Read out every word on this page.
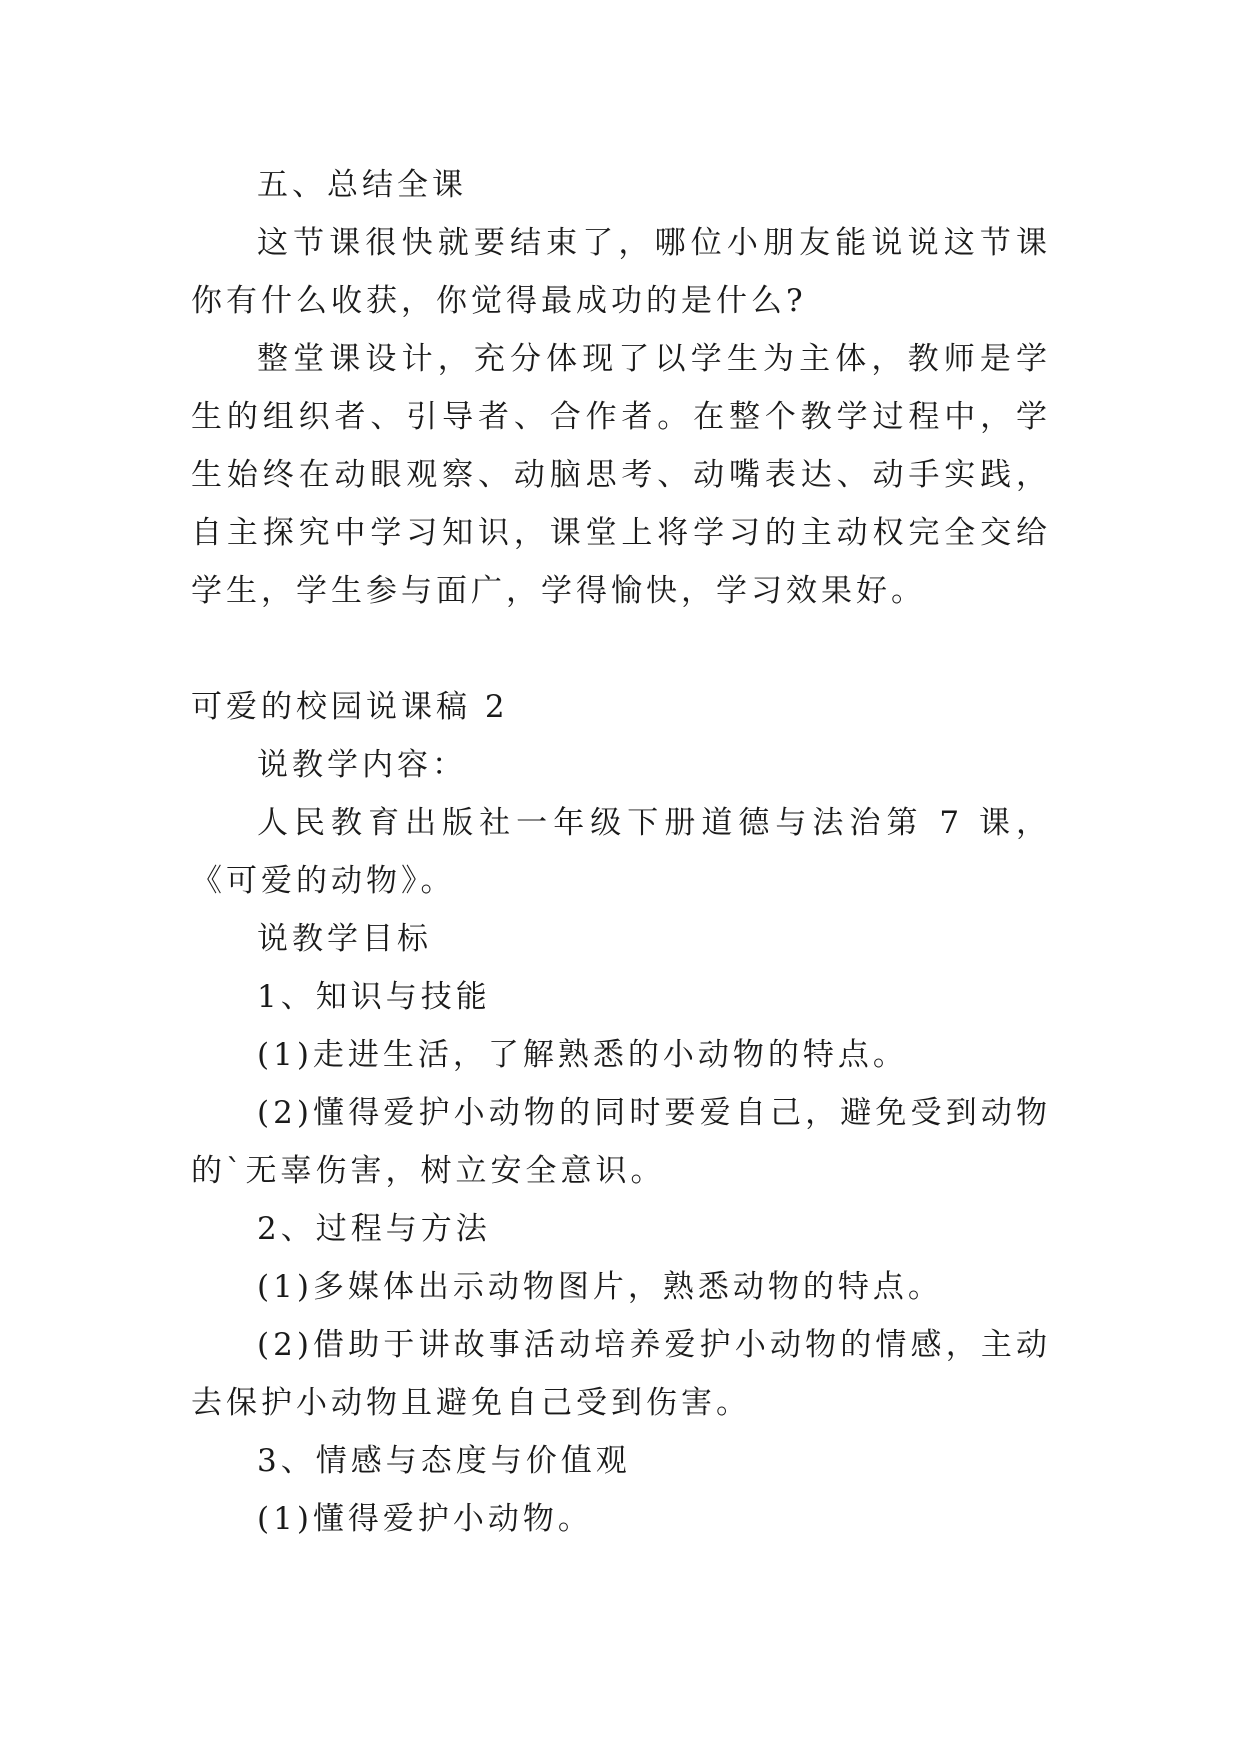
五、总结全课

这节课很快就要结束了，哪位小朋友能说说这节课你有什么收获，你觉得最成功的是什么?

整堂课设计，充分体现了以学生为主体，教师是学生的组织者、引导者、合作者。在整个教学过程中，学生始终在动眼观察、动脑思考、动嘴表达、动手实践，自主探究中学习知识，课堂上将学习的主动权完全交给学生，学生参与面广，学得愉快，学习效果好。

可爱的校园说课稿 2

说教学内容：

人民教育出版社一年级下册道德与法治第 7 课，《可爱的动物》。

说教学目标

1、知识与技能

(1)走进生活，了解熟悉的小动物的特点。

(2)懂得爱护小动物的同时要爱自己，避免受到动物的`无辜伤害，树立安全意识。

2、过程与方法

(1)多媒体出示动物图片，熟悉动物的特点。

(2)借助于讲故事活动培养爱护小动物的情感，主动去保护小动物且避免自己受到伤害。

3、情感与态度与价值观

(1)懂得爱护小动物。
